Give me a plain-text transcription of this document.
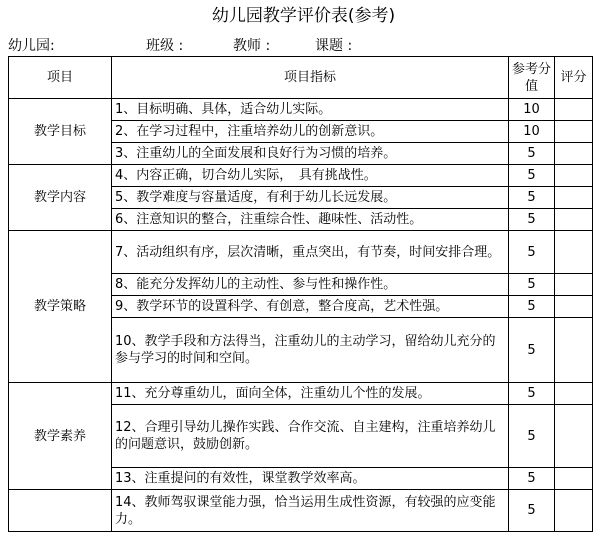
幼儿园教学评价表(参考)
幼儿园:	班级 :	教师 :	课题 :
项目	项目指标	参考分 值	评分
教学目标	1、目标明确、具体，适合幼儿实际。	10	
	2、在学习过程中，注重培养幼儿的创新意识。	10	
	3、注重幼儿的全面发展和良好行为习惯的培养。	5	
教学内容	4、内容正确，切合幼儿实际，　具有挑战性。	5	
	5、教学难度与容量适度，有利于幼儿长远发展。	5	
	6、注意知识的整合，注重综合性、趣味性、活动性。	5	
教学策略	7、活动组织有序，层次清晰，重点突出，有节奏，时间安排合理。	5	
	8、能充分发挥幼儿的主动性、参与性和操作性。	5	
	9、教学环节的设置科学、有创意，整合度高，艺术性强。	5	
	10、教学手段和方法得当，注重幼儿的主动学习，留给幼儿充分的参与学习的时间和空间。	5	
教学素养	11、充分尊重幼儿，面向全体，注重幼儿个性的发展。	5	
	12、合理引导幼儿操作实践、合作交流、自主建构，注重培养幼儿的问题意识，鼓励创新。	5	
	13、注重提问的有效性，课堂教学效率高。	5	
	14、教师驾驭课堂能力强，恰当运用生成性资源，有较强的应变能力。	5	
